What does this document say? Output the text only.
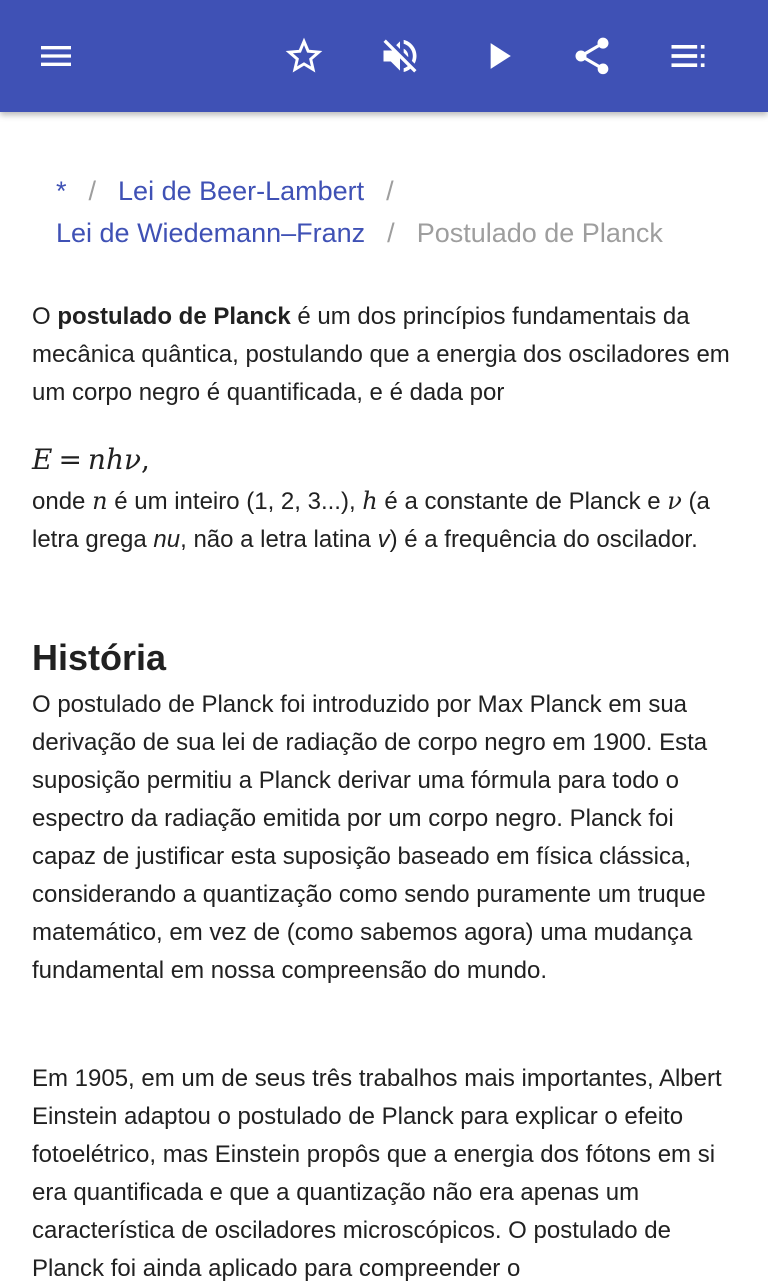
* / Lei de Beer-Lambert /
Lei de Wiedemann–Franz / Postulado de Planck

O postulado de Planck é um dos princípios fundamentais da mecânica quântica, postulando que a energia dos osciladores em um corpo negro é quantificada, e é dada por

E = nhν,

onde n é um inteiro (1, 2, 3...), h é a constante de Planck e ν (a letra grega nu, não a letra latina v) é a frequência do oscilador.

História

O postulado de Planck foi introduzido por Max Planck em sua derivação de sua lei de radiação de corpo negro em 1900. Esta suposição permitiu a Planck derivar uma fórmula para todo o espectro da radiação emitida por um corpo negro. Planck foi capaz de justificar esta suposição baseado em física clássica, considerando a quantização como sendo puramente um truque matemático, em vez de (como sabemos agora) uma mudança fundamental em nossa compreensão do mundo.

Em 1905, em um de seus três trabalhos mais importantes, Albert Einstein adaptou o postulado de Planck para explicar o efeito fotoelétrico, mas Einstein propôs que a energia dos fótons em si era quantificada e que a quantização não era apenas um característica de osciladores microscópicos. O postulado de Planck foi ainda aplicado para compreender o
